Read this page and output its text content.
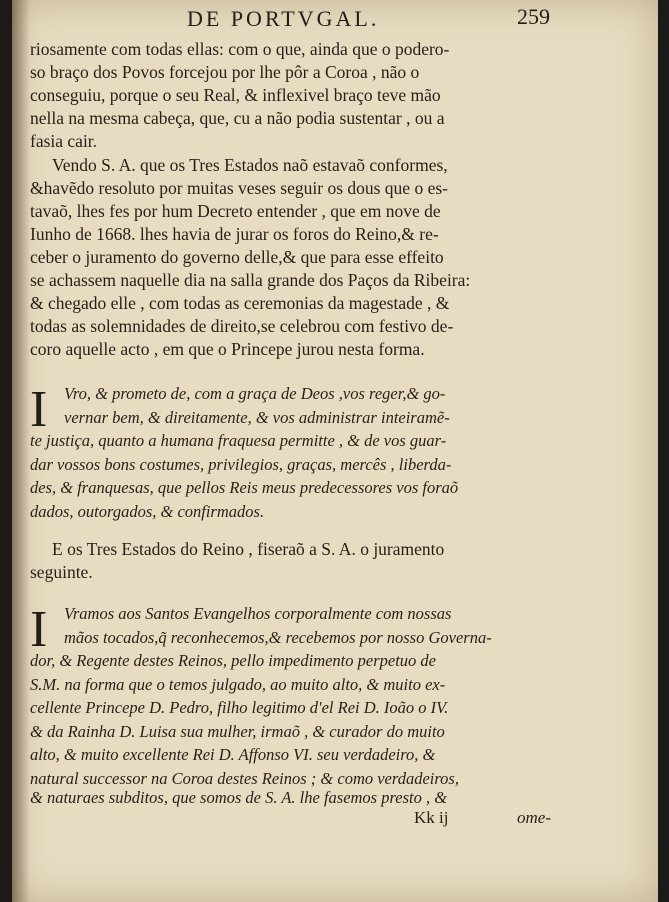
DE PORTVGAL.	259
riosamente com todas ellas: com o que, ainda que o podero-
so braço dos Povos forcejou por lhe pôr a Coroa , não o
conseguiu, porque o seu Real, & inflexivel braço teve mão
nella na mesma cabeça, que, cu a não podia sustentar , ou a
fasia cair.
Vendo S. A. que os Tres Estados naõ estavaõ conformes,
&havẽdo resoluto por muitas veses seguir os dous que o es-
tavaõ, lhes fes por hum Decreto entender , que em nove de
Iunho de 1668. lhes havia de jurar os foros do Reino,& re-
ceber o juramento do governo delle,& que para esse effeito
se achassem naquelle dia na salla grande dos Paços da Ribeira:
& chegado elle , com todas as ceremonias da magestade , &
todas as solemnidades de direito,se celebrou com festivo de-
coro aquelle acto , em que o Princepe jurou nesta forma.
I Vro, & prometo de, com a graça de Deos ,vos reger,& go-
vernar bem, & direitamente, & vos administrar inteiramẽ-
te justiça, quanto a humana fraquesa permitte , & de vos guar-
dar vossos bons costumes, privilegios, graças, mercês , liberda-
des, & franquesas, que pellos Reis meus predecessores vos foraõ
dados, outorgados, & confirmados.
E os Tres Estados do Reino , fiseraõ a S. A. o juramento
seguinte.
I Vramos aos Santos Evangelhos corporalmente com nossas
mãos tocados,q̃ reconhecemos,& recebemos por nosso Governa-
dor, & Regente destes Reinos, pello impedimento perpetuo de
S.M. na forma que o temos julgado, ao muito alto, & muito ex-
cellente Princepe D. Pedro, filho legitimo d'el Rei D. Ioão o IV.
& da Rainha D. Luisa sua mulher, irmaõ , & curador do muito
alto, & muito excellente Rei D. Affonso VI. seu verdadeiro, &
natural successor na Coroa destes Reinos ; & como verdadeiros,
& naturaes subditos, que somos de S. A. lhe fasemos presto , &
Kk ij	ome-
